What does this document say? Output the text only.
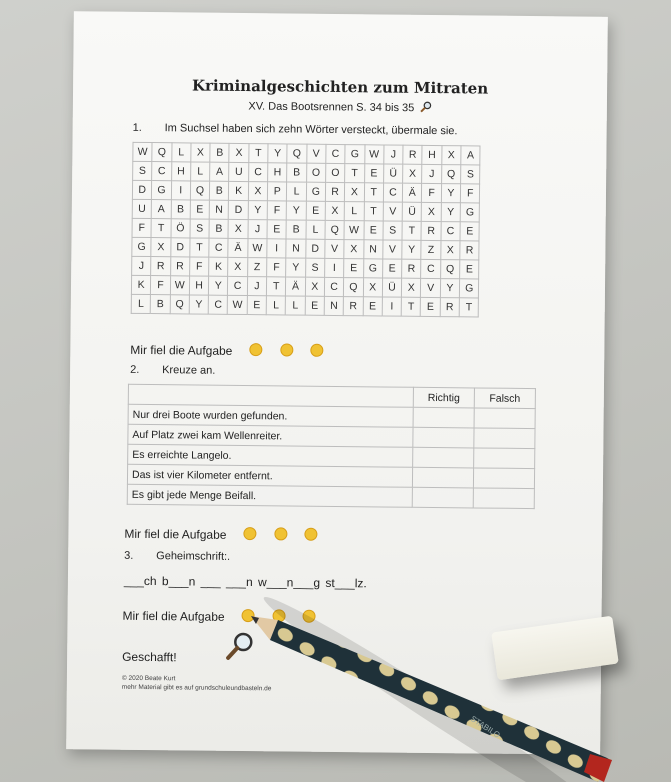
Kriminalgeschichten zum Mitraten
XV. Das Bootsrennen S. 34 bis 35
1. Im Suchsel haben sich zehn Wörter versteckt, übermale sie.
W	Q	L	X	B	X	T	Y	Q	V	C	G	W	J	R	H	X	A
S	C	H	L	A	U	C	H	B	O	O	T	E	Ü	X	J	Q	S
D	G	I	Q	B	K	X	P	L	G	R	X	T	C	Ä	F	Y	F
U	A	B	E	N	D	Y	F	Y	E	X	L	T	V	Ü	X	Y	G
F	T	Ö	S	B	X	J	E	B	L	Q	W	E	S	T	R	C	E
G	X	D	T	C	Ä	W	I	N	D	V	X	N	V	Y	Z	X	R
J	R	R	F	K	X	Z	F	Y	S	I	E	G	E	R	C	Q	E
K	F	W	H	Y	C	J	T	Ä	X	C	Q	X	Ü	X	V	Y	G
L	B	Q	Y	C	W	E	L	L	E	N	R	E	I	T	E	R	T
Mir fiel die Aufgabe
2. Kreuze an.
	Richtig	Falsch
Nur drei Boote wurden gefunden.		
Auf Platz zwei kam Wellenreiter.		
Es erreichte Langelo.		
Das ist vier Kilometer entfernt.		
Es gibt jede Menge Beifall.		
Mir fiel die Aufgabe
3. Geheimschrift:.
___ch b___n ___ ___n w___n___g st___lz.
Mir fiel die Aufgabe
Geschafft!
© 2020 Beate Kurt
mehr Material gibt es auf grundschuleundbasteln.de
STABILO
